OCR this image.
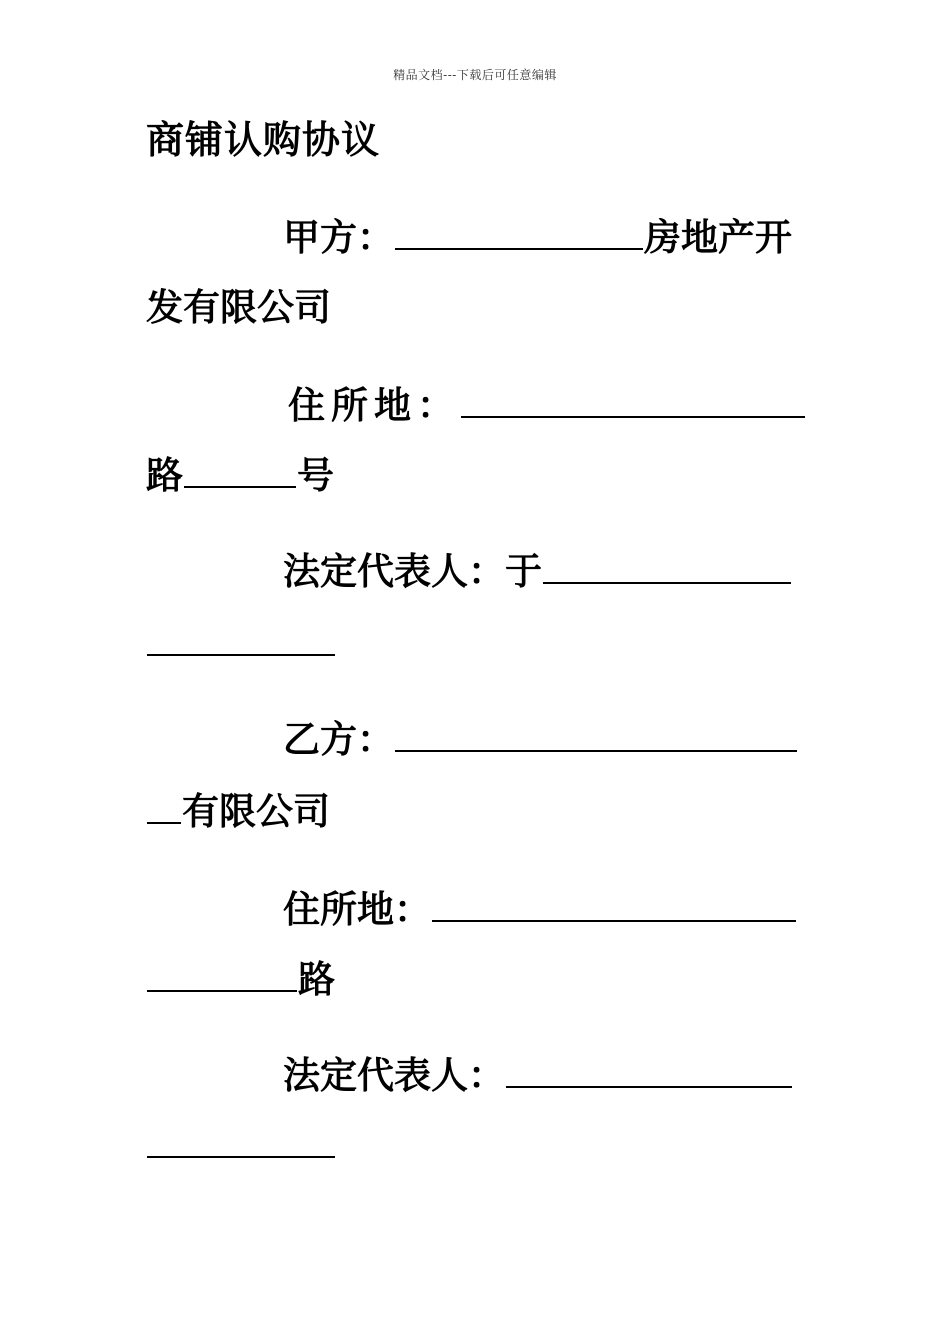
精品文档---下载后可任意编辑
商铺认购协议
甲方：	房地产开
发有限公司
住所地：
路	号
法定代表人：于
乙方：
有限公司
住所地：
路
法定代表人：
